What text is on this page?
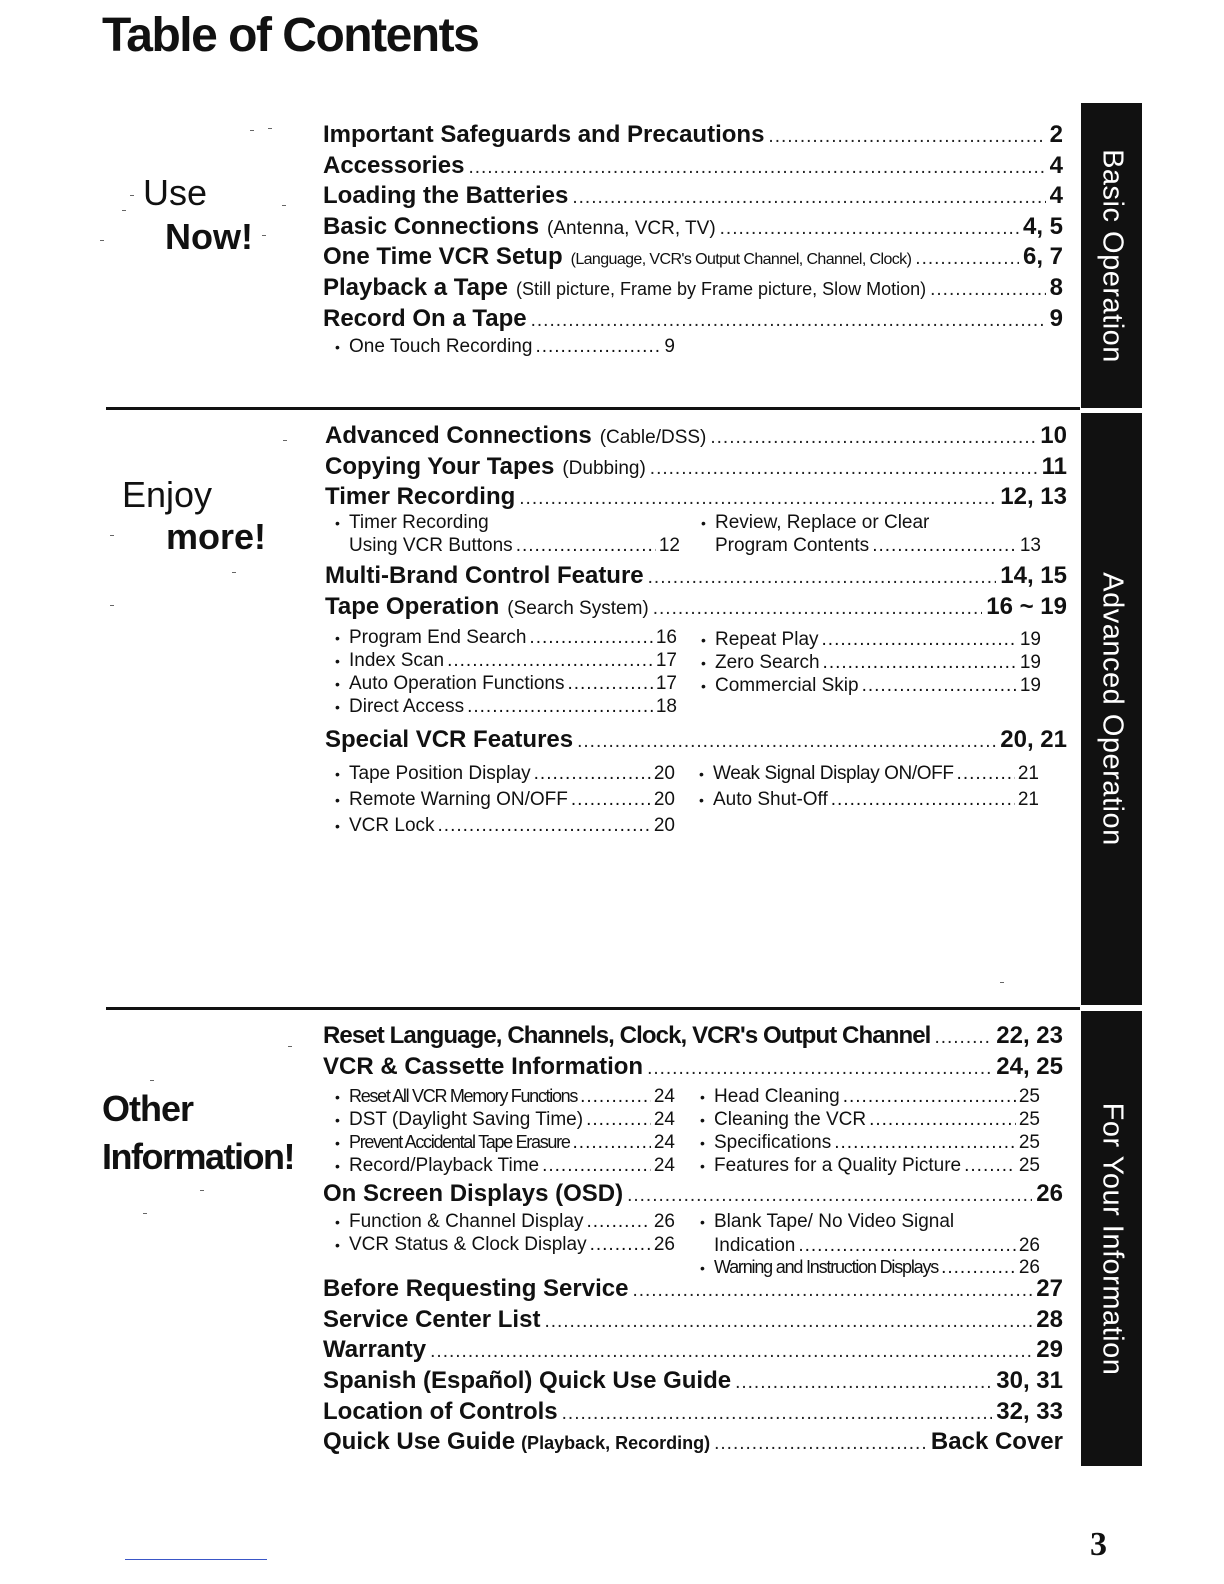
Table of Contents
Basic Operation
Advanced Operation
For Your Information
Use
Now!
Important Safeguards and Precautions .....	2
Accessories .....	4
Loading the Batteries .....	4
Basic Connections (Antenna, VCR, TV) .....	4, 5
One Time VCR Setup (Language, VCR's Output Channel, Channel, Clock) .....	6, 7
Playback a Tape (Still picture, Frame by Frame picture, Slow Motion) .....	8
Record On a Tape .....	9
• One Touch Recording .....	9
Enjoy
more!
Advanced Connections (Cable/DSS) .....	10
Copying Your Tapes (Dubbing) .....	11
Timer Recording .....	12, 13
• Timer Recording
Using VCR Buttons .....	12
• Review, Replace or Clear
Program Contents .....	13
Multi-Brand Control Feature .....	14, 15
Tape Operation (Search System) .....	16 ~ 19
• Program End Search .....	16
• Index Scan .....	17
• Auto Operation Functions .....	17
• Direct Access .....	18
• Repeat Play .....	19
• Zero Search .....	19
• Commercial Skip .....	19
Special VCR Features .....	20, 21
• Tape Position Display .....	20
• Remote Warning ON/OFF .....	20
• VCR Lock .....	20
• Weak Signal Display ON/OFF .....	21
• Auto Shut-Off .....	21
Other
Information!
Reset Language, Channels, Clock, VCR's Output Channel .....	22, 23
VCR & Cassette Information .....	24, 25
• Reset All VCR Memory Functions .....	24
• DST (Daylight Saving Time) .....	24
• Prevent Accidental Tape Erasure .....	24
• Record/Playback Time .....	24
• Head Cleaning .....	25
• Cleaning the VCR .....	25
• Specifications .....	25
• Features for a Quality Picture .....	25
On Screen Displays (OSD) .....	26
• Function & Channel Display .....	26
• VCR Status & Clock Display .....	26
• Blank Tape/ No Video Signal
Indication .....	26
• Warning and Instruction Displays .....	26
Before Requesting Service .....	27
Service Center List .....	28
Warranty .....	29
Spanish (Español) Quick Use Guide .....	30, 31
Location of Controls .....	32, 33
Quick Use Guide (Playback, Recording) .....	Back Cover
3
